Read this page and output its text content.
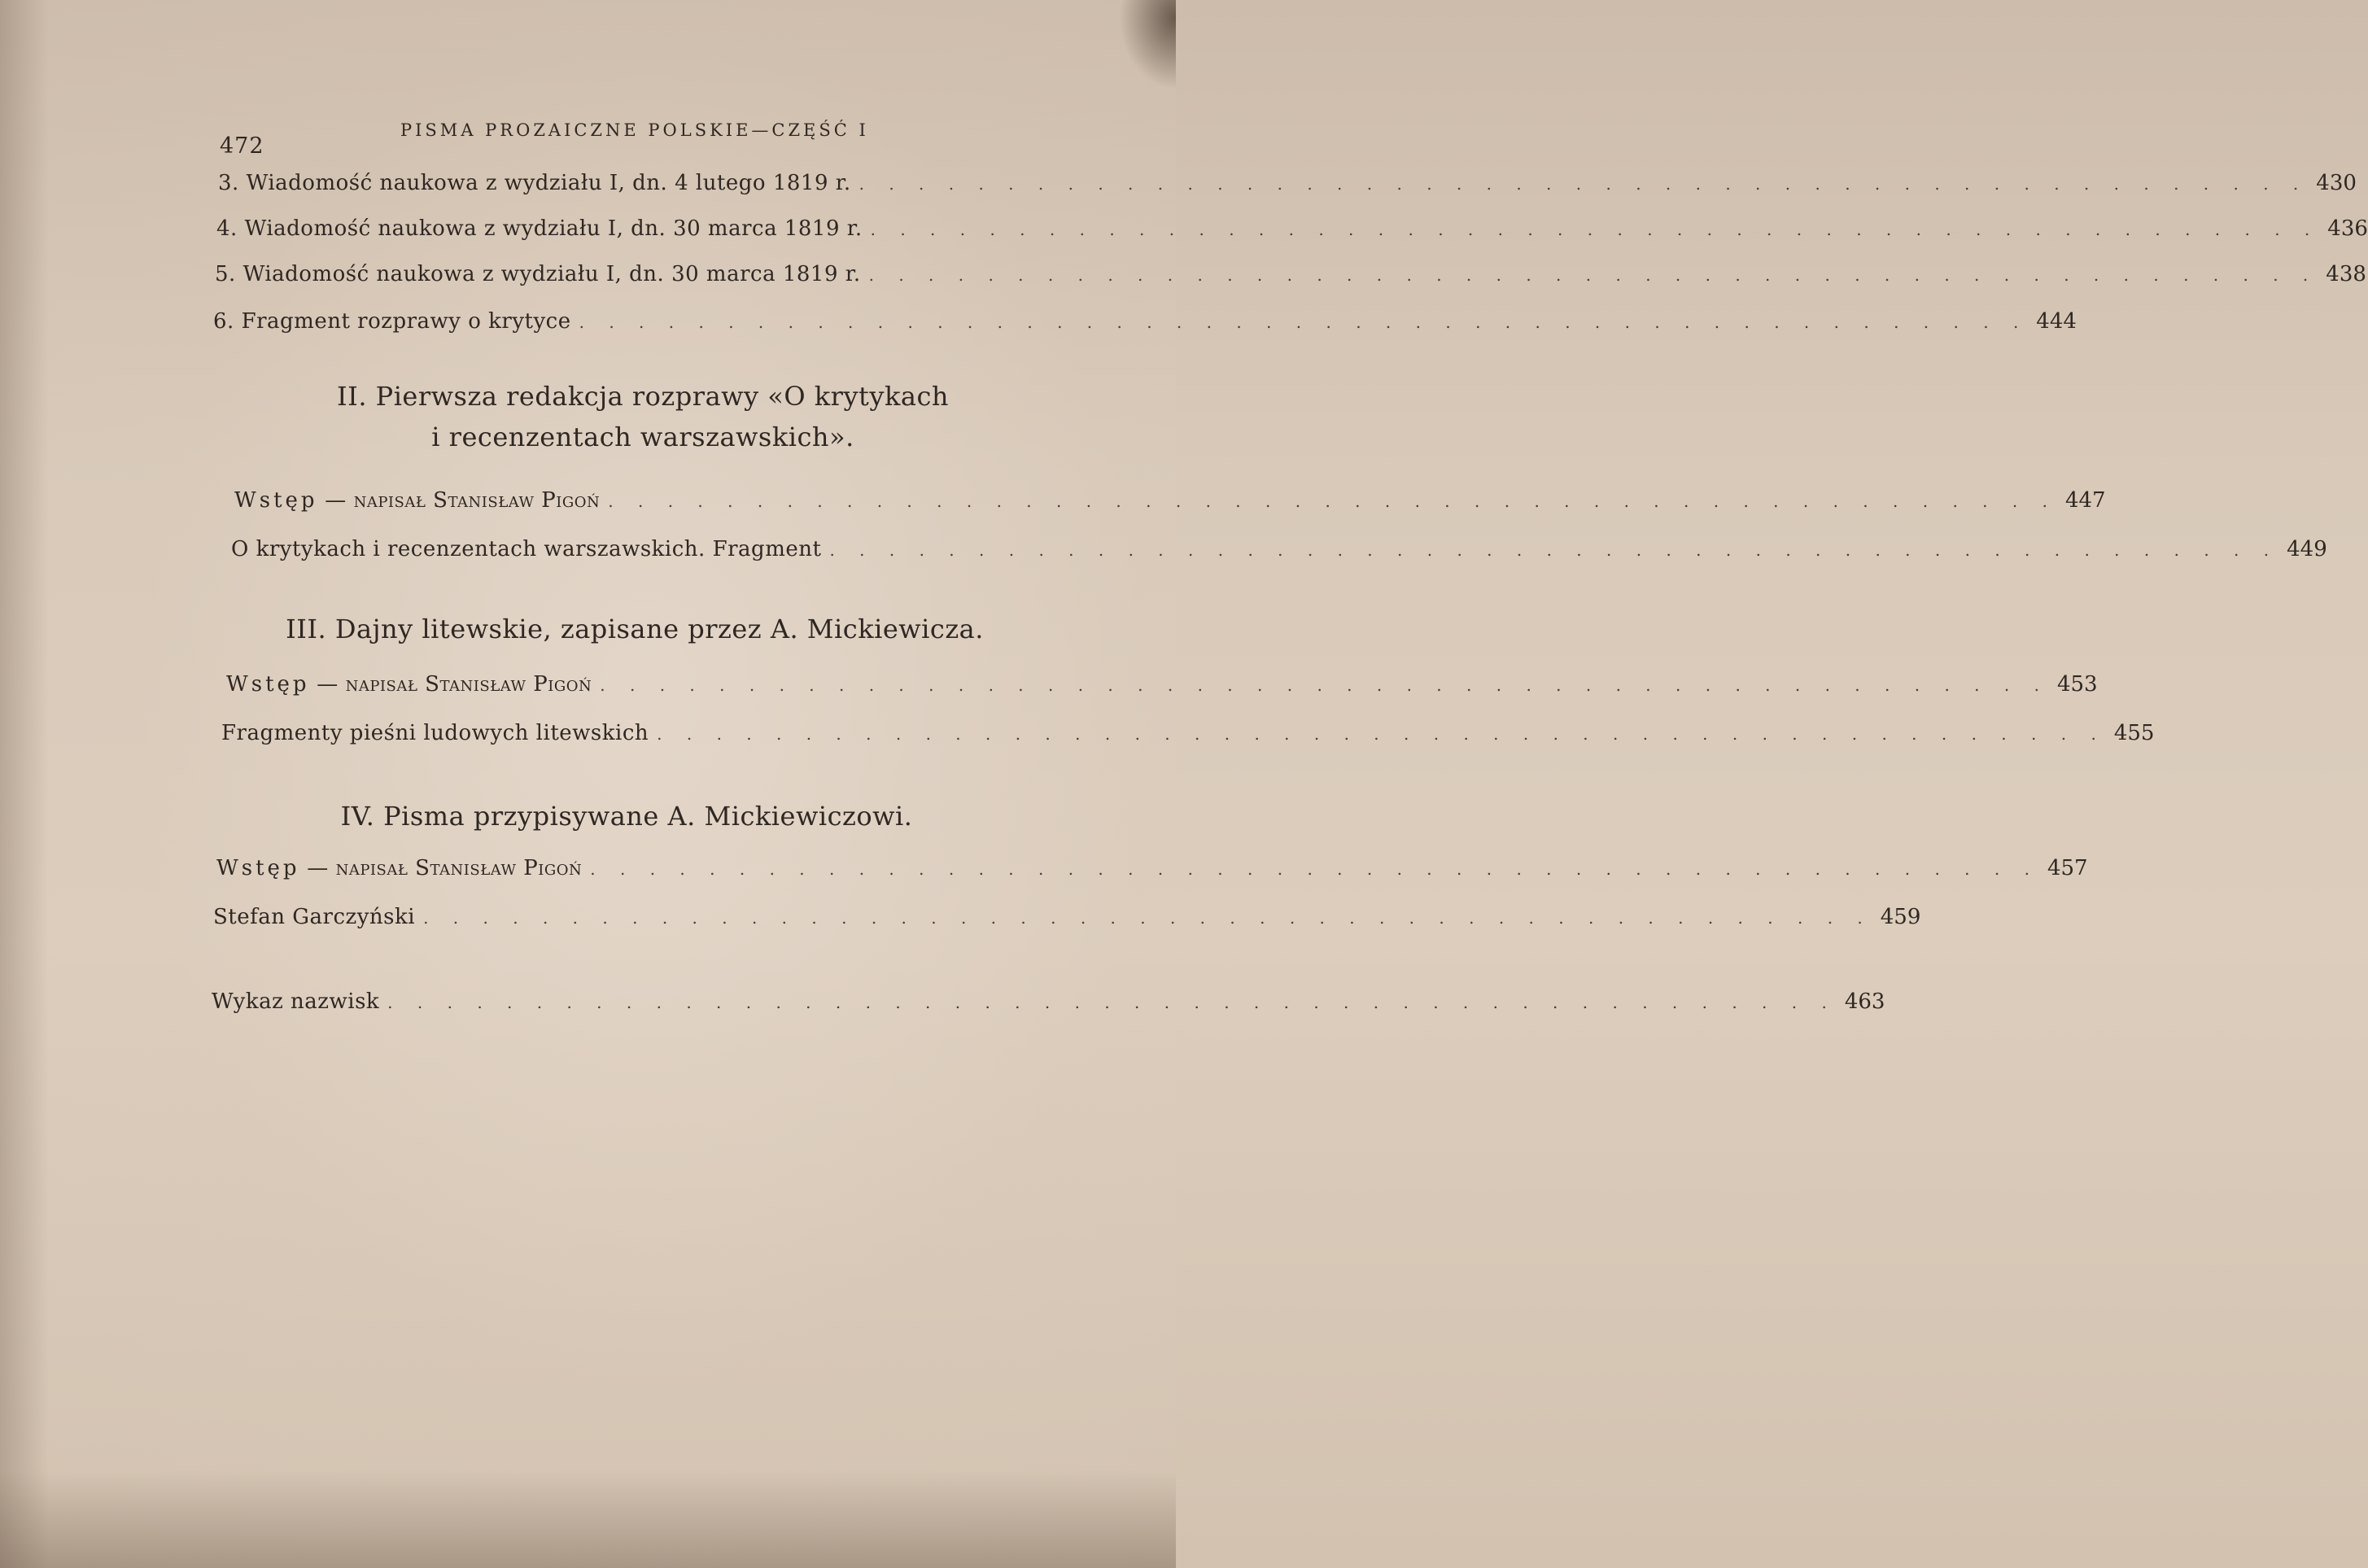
472
PISMA PROZAICZNE POLSKIE—CZĘŚĆ I
3. Wiadomość naukowa z wydziału I, dn. 4 lutego 1819 r. . . . . . . . . . . . . . . . . . . . . . . . . . . . . . . . . . . . . . . . . . . . . . . . . . 430
4. Wiadomość naukowa z wydziału I, dn. 30 marca 1819 r. . . . . . . . . . . . . . . . . . . . . . . . . . . . . . . . . . . . . . . . . . . . . . . . . . 436
5. Wiadomość naukowa z wydziału I, dn. 30 marca 1819 r. . . . . . . . . . . . . . . . . . . . . . . . . . . . . . . . . . . . . . . . . . . . . . . . . . 438
6. Fragment rozprawy o krytyce . . . . . . . . . . . . . . . . . . . . . . . . . . . . . . . . . . . . . . . . . . . . . . . . . 444
II. Pierwsza redakcja rozprawy «O krytykach
i recenzentach warszawskich».
Wstęp — napisał Stanisław Pigoń . . . . . . . . . . . . . . . . . . . . . . . . . . . . . . . . . . . . . . . . . . . . . . . . . 447
O krytykach i recenzentach warszawskich. Fragment . . . . . . . . . . . . . . . . . . . . . . . . . . . . . . . . . . . . . . . . . . . . . . . . . 449
III. Dajny litewskie, zapisane przez A. Mickiewicza.
Wstęp — napisał Stanisław Pigoń . . . . . . . . . . . . . . . . . . . . . . . . . . . . . . . . . . . . . . . . . . . . . . . . . 453
Fragmenty pieśni ludowych litewskich . . . . . . . . . . . . . . . . . . . . . . . . . . . . . . . . . . . . . . . . . . . . . . . . . 455
IV. Pisma przypisywane A. Mickiewiczowi.
Wstęp — napisał Stanisław Pigoń . . . . . . . . . . . . . . . . . . . . . . . . . . . . . . . . . . . . . . . . . . . . . . . . . 457
Stefan Garczyński . . . . . . . . . . . . . . . . . . . . . . . . . . . . . . . . . . . . . . . . . . . . . . . . . 459
Wykaz nazwisk . . . . . . . . . . . . . . . . . . . . . . . . . . . . . . . . . . . . . . . . . . . . . . . . . 463
